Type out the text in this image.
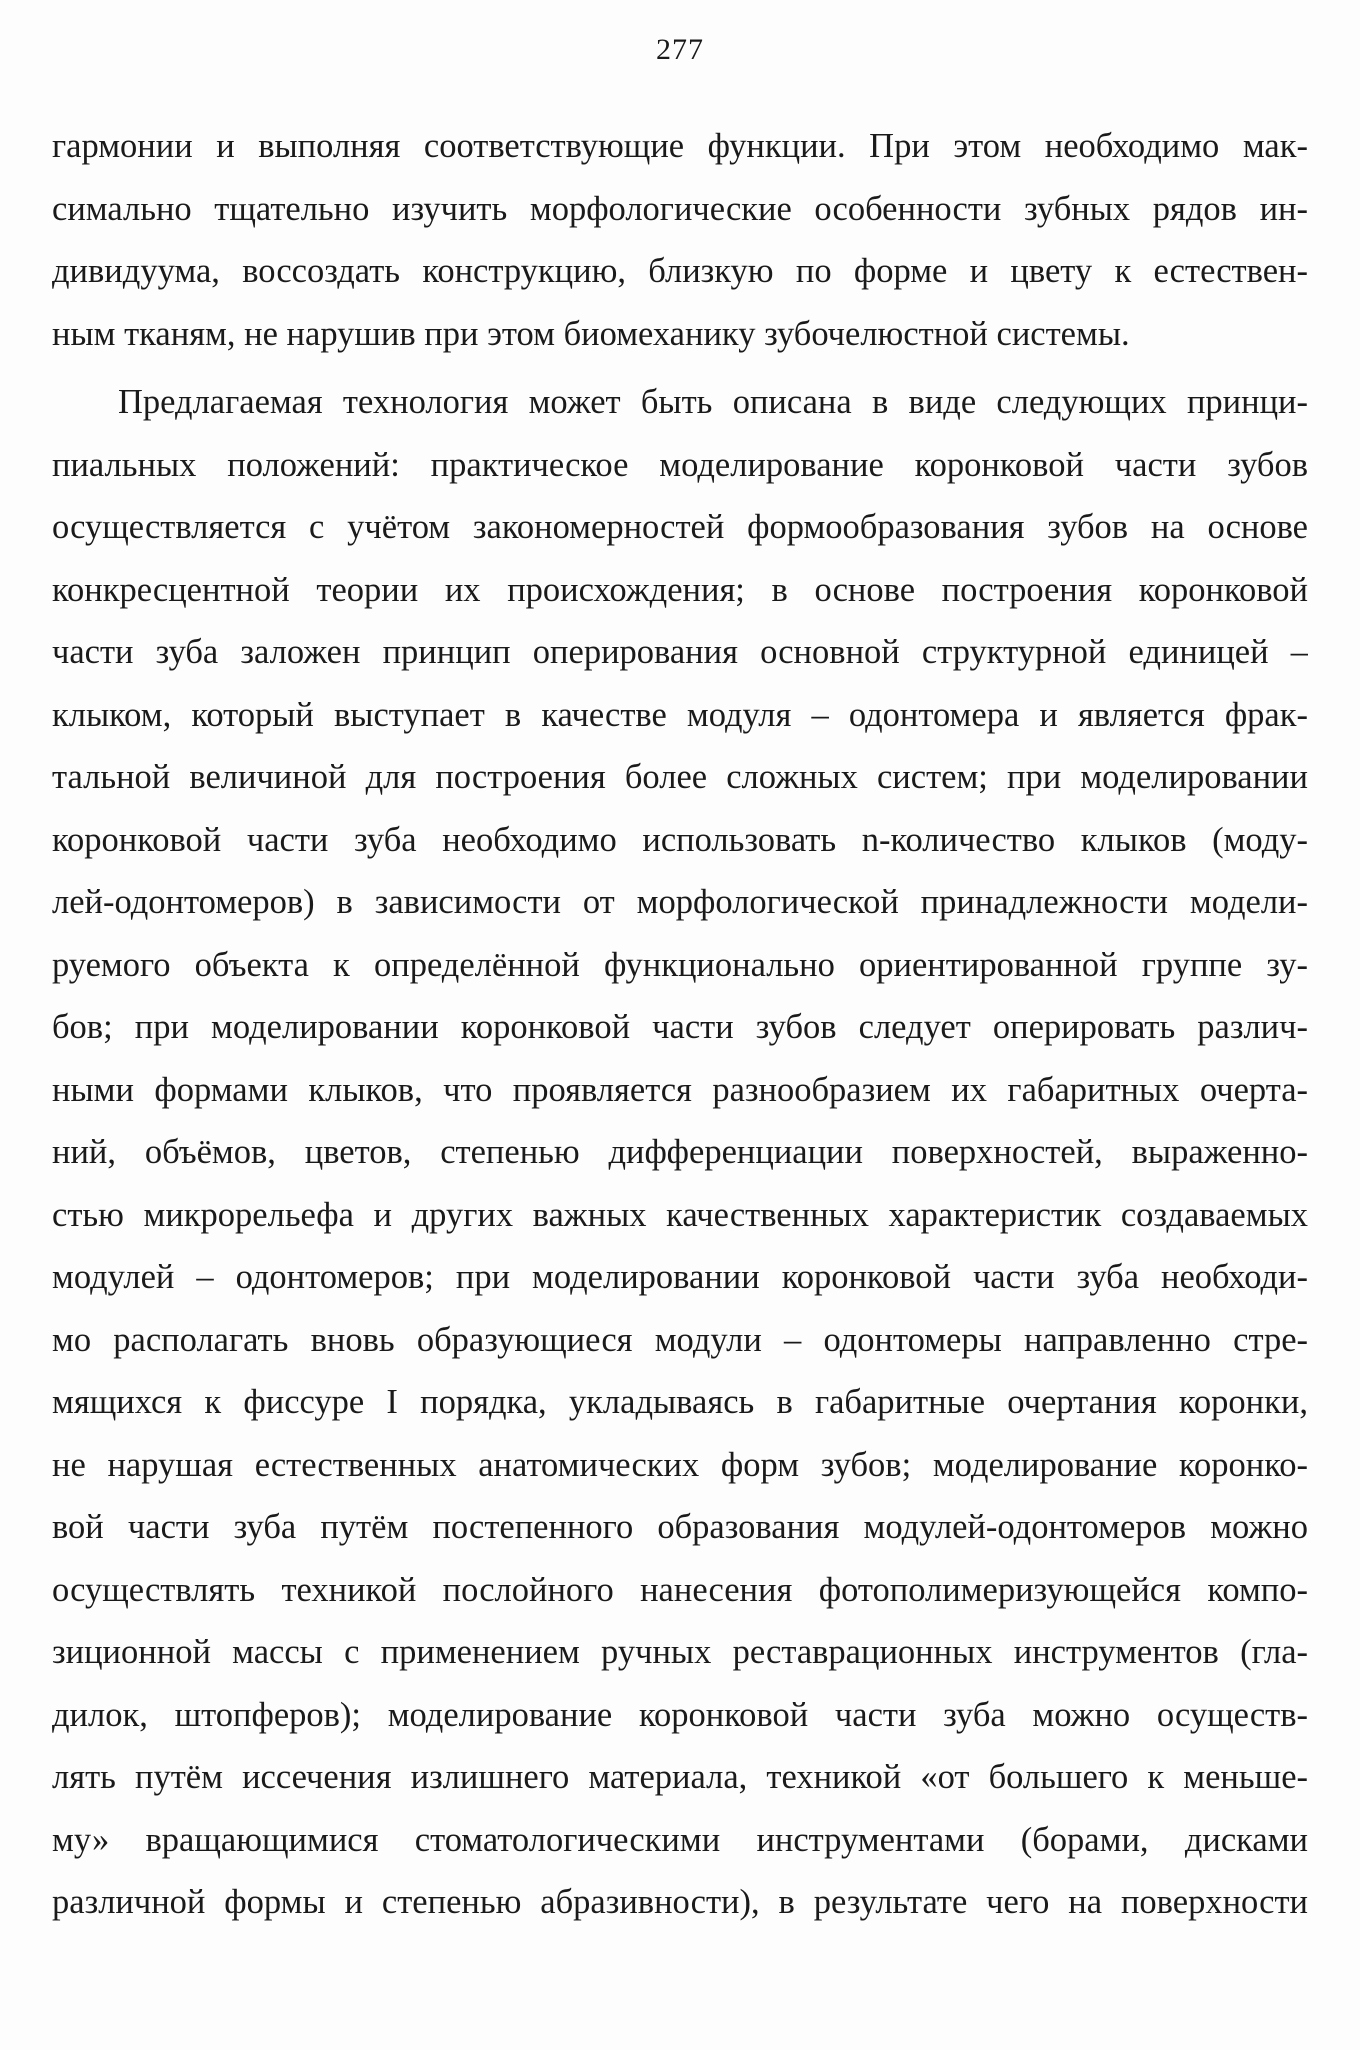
277
гармонии и выполняя соответствующие функции. При этом необходимо мак-
симально тщательно изучить морфологические особенности зубных рядов ин-
дивидуума, воссоздать конструкцию, близкую по форме и цвету к естествен-
ным тканям, не нарушив при этом биомеханику зубочелюстной системы.
Предлагаемая технология может быть описана в виде следующих принци-
пиальных положений: практическое моделирование коронковой части зубов
осуществляется с учётом закономерностей формообразования зубов на основе
конкресцентной теории их происхождения; в основе построения коронковой
части зуба заложен принцип оперирования основной структурной единицей –
клыком, который выступает в качестве модуля – одонтомера и является фрак-
тальной величиной для построения более сложных систем; при моделировании
коронковой части зуба необходимо использовать n-количество клыков (моду-
лей-одонтомеров) в зависимости от морфологической принадлежности модели-
руемого объекта к определённой функционально ориентированной группе зу-
бов; при моделировании коронковой части зубов следует оперировать различ-
ными формами клыков, что проявляется разнообразием их габаритных очерта-
ний, объёмов, цветов, степенью дифференциации поверхностей, выраженно-
стью микрорельефа и других важных качественных характеристик создаваемых
модулей – одонтомеров; при моделировании коронковой части зуба необходи-
мо располагать вновь образующиеся модули – одонтомеры направленно стре-
мящихся к фиссуре I порядка, укладываясь в габаритные очертания коронки,
не нарушая естественных анатомических форм зубов; моделирование коронко-
вой части зуба путём постепенного образования модулей-одонтомеров можно
осуществлять техникой послойного нанесения фотополимеризующейся компо-
зиционной массы с применением ручных реставрационных инструментов (гла-
дилок, штопферов); моделирование коронковой части зуба можно осуществ-
лять путём иссечения излишнего материала, техникой «от большего к меньше-
му» вращающимися стоматологическими инструментами (борами, дисками
различной формы и степенью абразивности), в результате чего на поверхности
